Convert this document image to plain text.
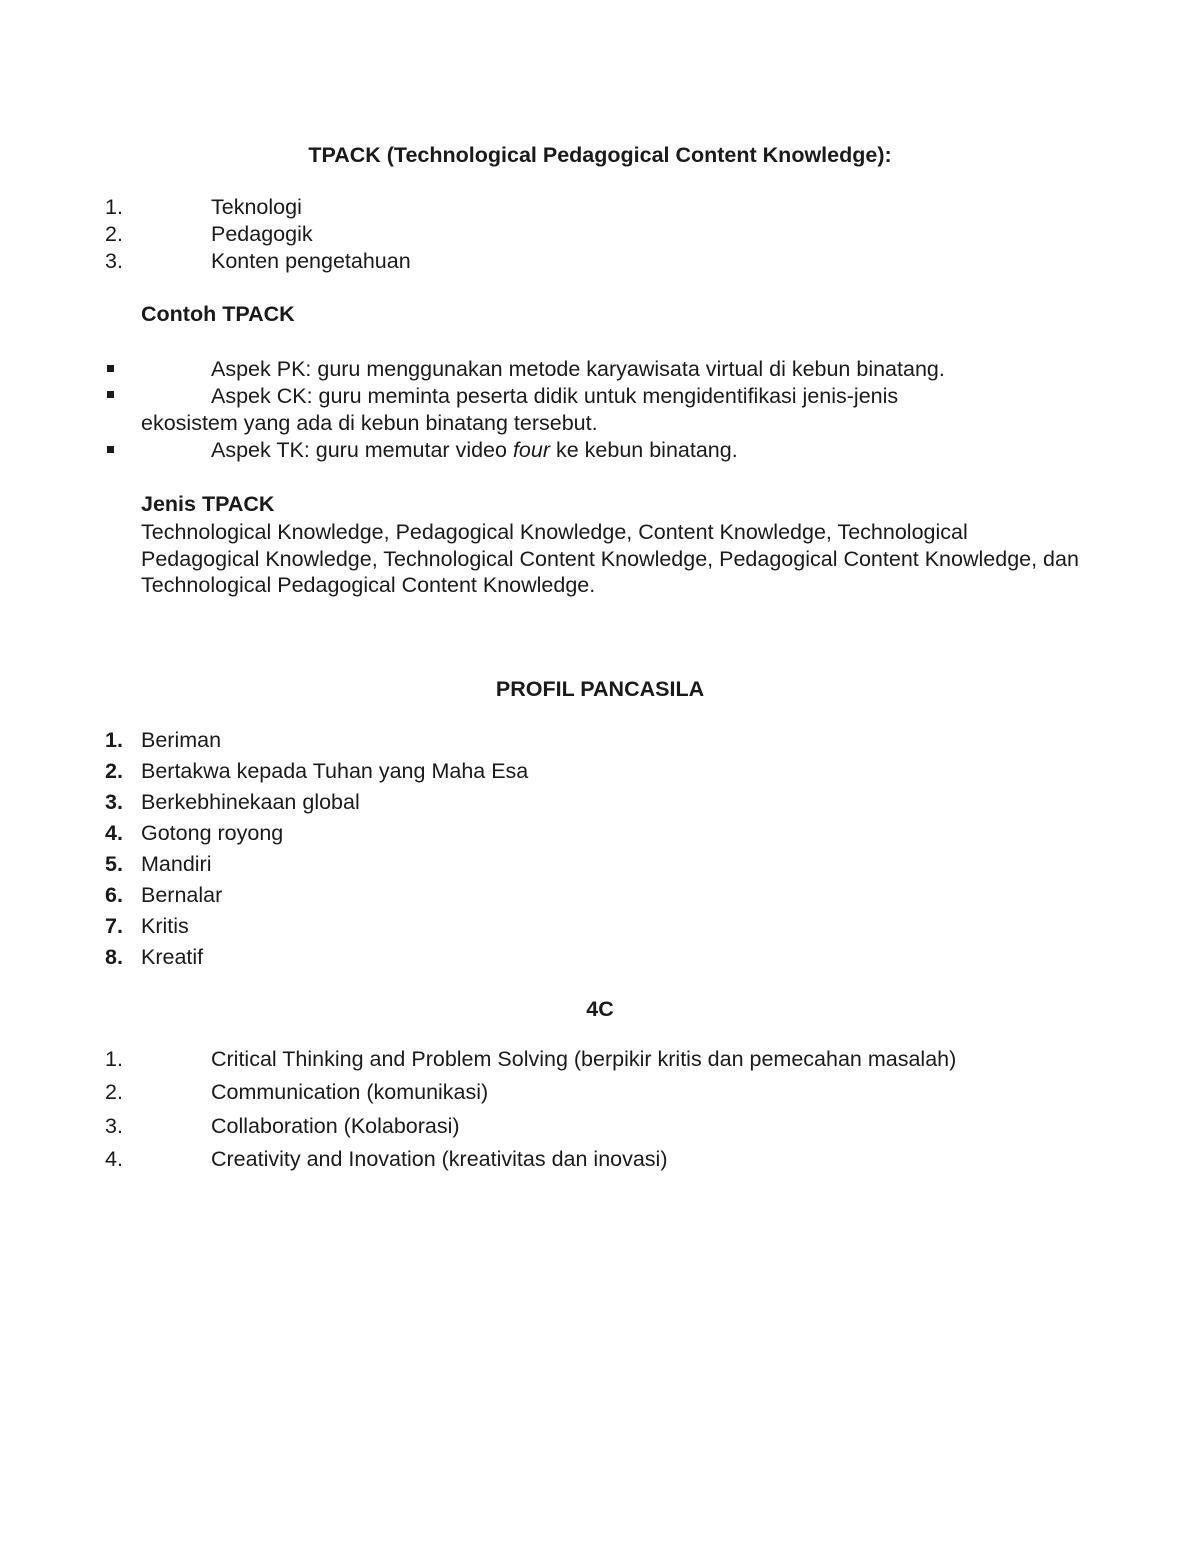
TPACK (Technological Pedagogical Content Knowledge):
1.	Teknologi
2.	Pedagogik
3.	Konten pengetahuan
Contoh TPACK
Aspek PK: guru menggunakan metode karyawisata virtual di kebun binatang.
Aspek CK: guru meminta peserta didik untuk mengidentifikasi jenis-jenis
ekosistem yang ada di kebun binatang tersebut.
Aspek TK: guru memutar video four ke kebun binatang.
Jenis TPACK
Technological Knowledge, Pedagogical Knowledge, Content Knowledge, Technological Pedagogical Knowledge, Technological Content Knowledge, Pedagogical Content Knowledge, dan Technological Pedagogical Content Knowledge.
PROFIL PANCASILA
1. Beriman
2. Bertakwa kepada Tuhan yang Maha Esa
3. Berkebhinekaan global
4. Gotong royong
5. Mandiri
6. Bernalar
7. Kritis
8. Kreatif
4C
1.	Critical Thinking and Problem Solving (berpikir kritis dan pemecahan masalah)
2.	Communication (komunikasi)
3.	Collaboration (Kolaborasi)
4.	Creativity and Inovation (kreativitas dan inovasi)
